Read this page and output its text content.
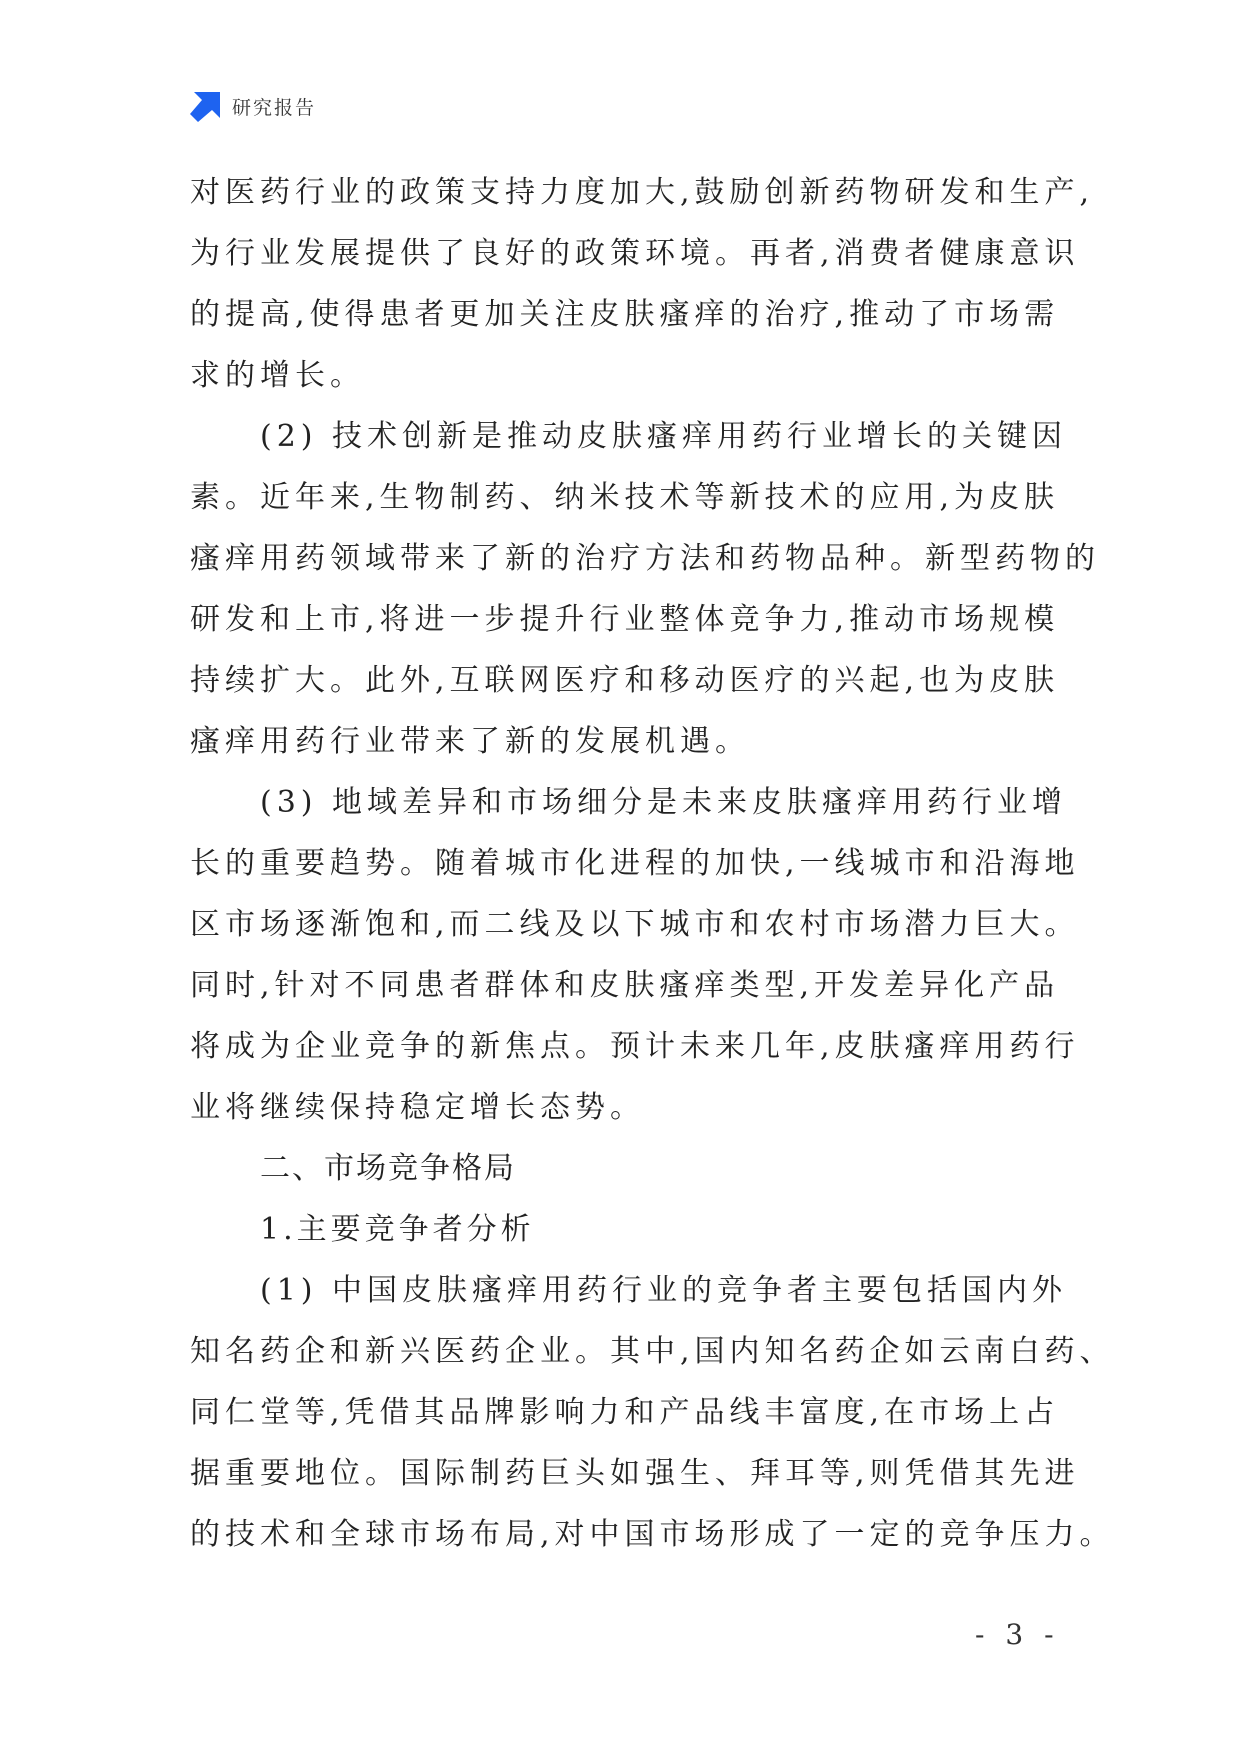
研究报告
对医药行业的政策支持力度加大,鼓励创新药物研发和生产,
为行业发展提供了良好的政策环境。再者,消费者健康意识
的提高,使得患者更加关注皮肤瘙痒的治疗,推动了市场需
求的增长。
(2) 技术创新是推动皮肤瘙痒用药行业增长的关键因
素。近年来,生物制药、纳米技术等新技术的应用,为皮肤
瘙痒用药领域带来了新的治疗方法和药物品种。新型药物的
研发和上市,将进一步提升行业整体竞争力,推动市场规模
持续扩大。此外,互联网医疗和移动医疗的兴起,也为皮肤
瘙痒用药行业带来了新的发展机遇。
(3) 地域差异和市场细分是未来皮肤瘙痒用药行业增
长的重要趋势。随着城市化进程的加快,一线城市和沿海地
区市场逐渐饱和,而二线及以下城市和农村市场潜力巨大。
同时,针对不同患者群体和皮肤瘙痒类型,开发差异化产品
将成为企业竞争的新焦点。预计未来几年,皮肤瘙痒用药行
业将继续保持稳定增长态势。
二、市场竞争格局
1.主要竞争者分析
(1) 中国皮肤瘙痒用药行业的竞争者主要包括国内外
知名药企和新兴医药企业。其中,国内知名药企如云南白药、
同仁堂等,凭借其品牌影响力和产品线丰富度,在市场上占
据重要地位。国际制药巨头如强生、拜耳等,则凭借其先进
的技术和全球市场布局,对中国市场形成了一定的竞争压力。
- 3 -
